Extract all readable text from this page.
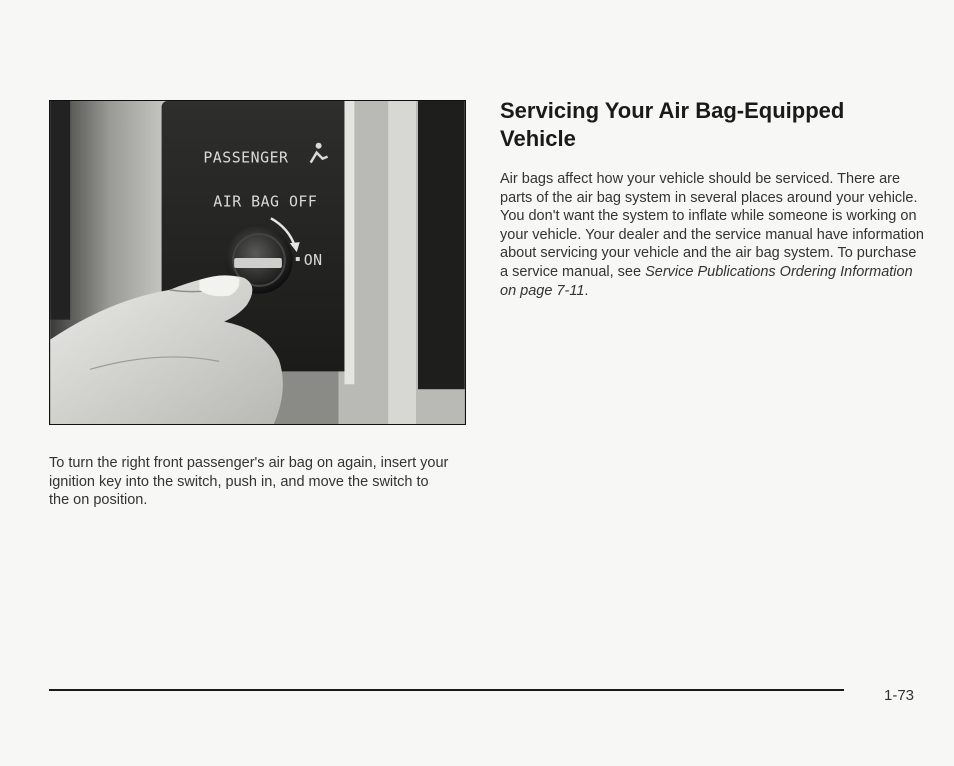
PASSENGER
AIR BAG OFF
ON

To turn the right front passenger's air bag on again, insert your ignition key into the switch, push in, and move the switch to the on position.

Servicing Your Air Bag-Equipped Vehicle

Air bags affect how your vehicle should be serviced. There are parts of the air bag system in several places around your vehicle. You don't want the system to inflate while someone is working on your vehicle. Your dealer and the service manual have information about servicing your vehicle and the air bag system. To purchase a service manual, see Service Publications Ordering Information on page 7-11.

1-73
